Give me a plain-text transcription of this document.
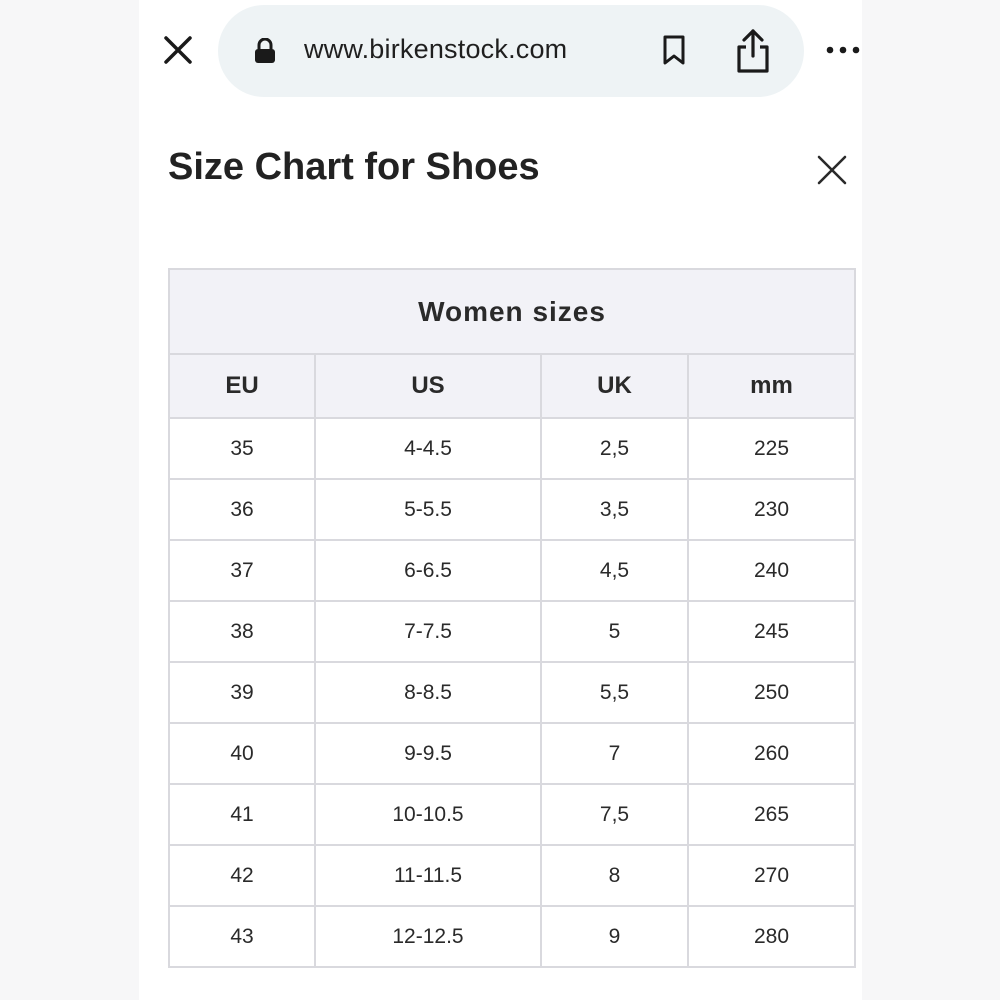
www.birkenstock.com
Size Chart for Shoes
Women sizes			
EU	US	UK	mm
35	4-4.5	2,5	225
36	5-5.5	3,5	230
37	6-6.5	4,5	240
38	7-7.5	5	245
39	8-8.5	5,5	250
40	9-9.5	7	260
41	10-10.5	7,5	265
42	11-11.5	8	270
43	12-12.5	9	280
